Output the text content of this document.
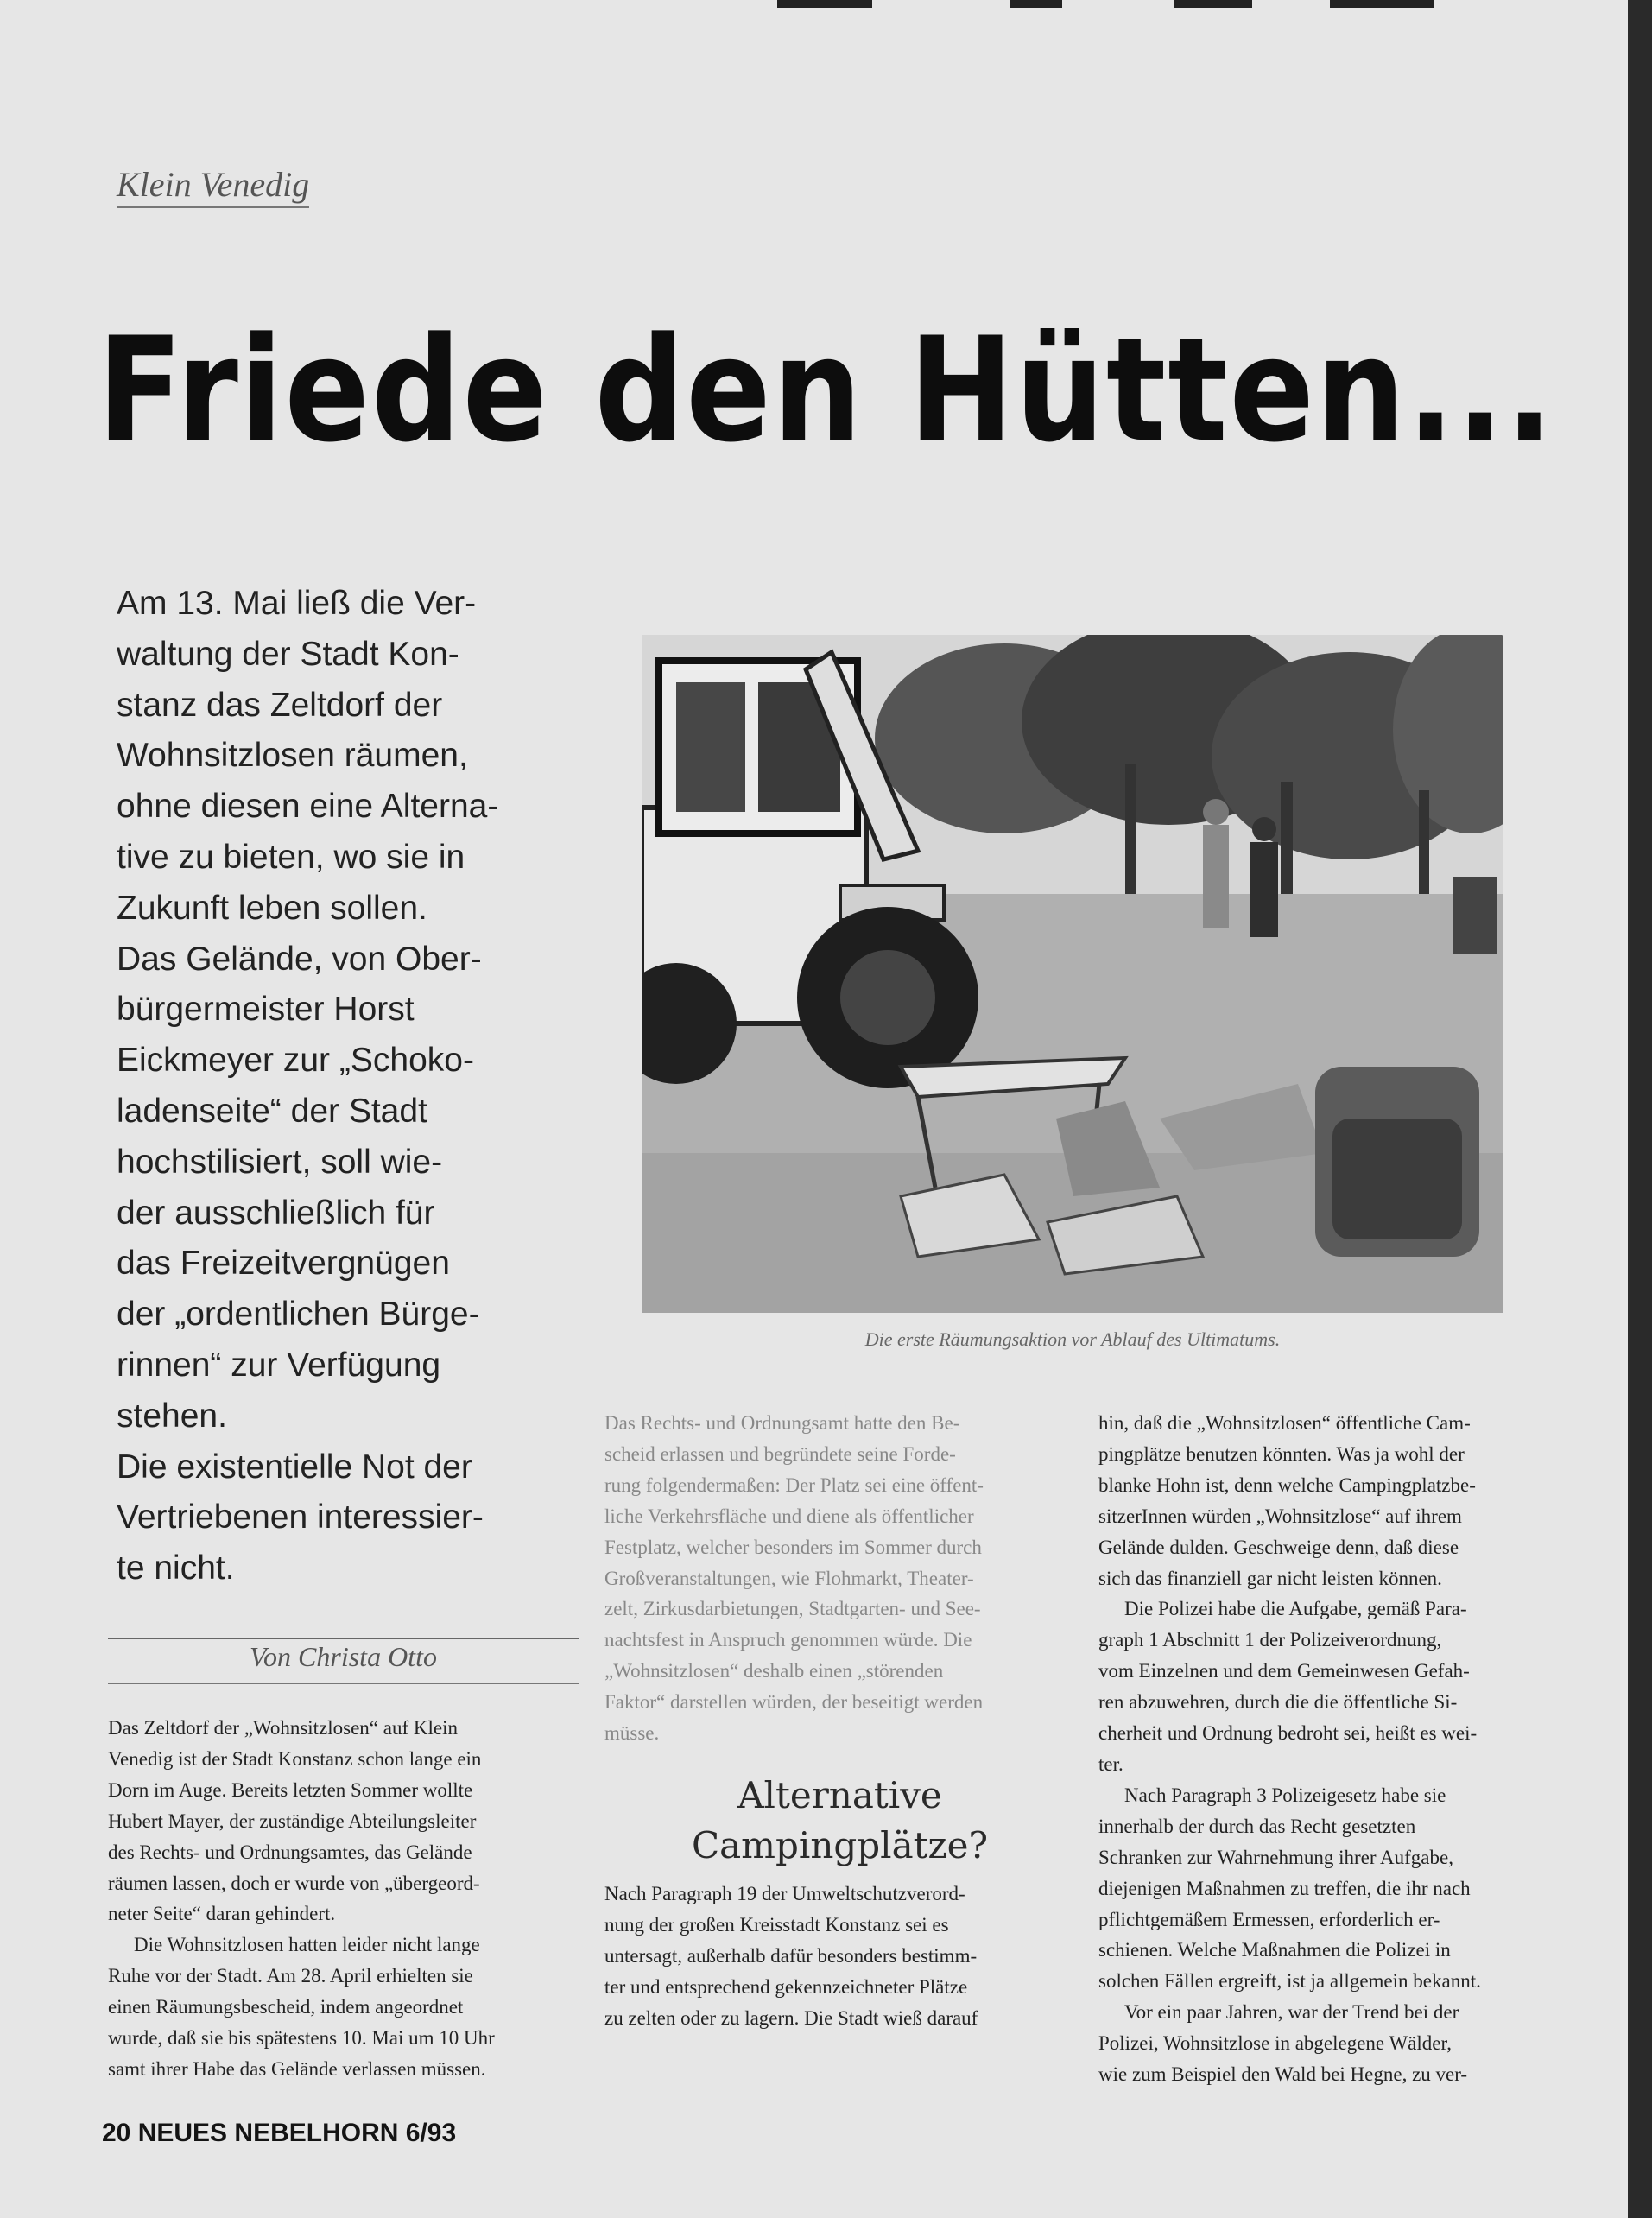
Klein Venedig
Friede den Hütten...

Am 13. Mai ließ die Ver-
waltung der Stadt Kon-
stanz das Zeltdorf der
Wohnsitzlosen räumen,
ohne diesen eine Alterna-
tive zu bieten, wo sie in
Zukunft leben sollen.
Das Gelände, von Ober-
bürgermeister Horst
Eickmeyer zur „Schoko-
ladenseite“ der Stadt
hochstilisiert, soll wie-
der ausschließlich für
das Freizeitvergnügen
der „ordentlichen Bürge-
rinnen“ zur Verfügung
stehen.

Die existentielle Not der
Vertriebenen interessier-
te nicht.

Die erste Räumungsaktion vor Ablauf des Ultimatums.
Von Christa Otto

Das Zeltdorf der „Wohnsitzlosen“ auf Klein
Venedig ist der Stadt Konstanz schon lange ein
Dorn im Auge. Bereits letzten Sommer wollte
Hubert Mayer, der zuständige Abteilungsleiter
des Rechts- und Ordnungsamtes, das Gelände
räumen lassen, doch er wurde von „übergeord-
neter Seite“ daran gehindert.

Die Wohnsitzlosen hatten leider nicht lange
Ruhe vor der Stadt. Am 28. April erhielten sie
einen Räumungsbescheid, indem angeordnet
wurde, daß sie bis spätestens 10. Mai um 10 Uhr
samt ihrer Habe das Gelände verlassen müssen.

Das Rechts- und Ordnungsamt hatte den Be-
scheid erlassen und begründete seine Forde-
rung folgendermaßen: Der Platz sei eine öffent-
liche Verkehrsfläche und diene als öffentlicher
Festplatz, welcher besonders im Sommer durch
Großveranstaltungen, wie Flohmarkt, Theater-
zelt, Zirkusdarbietungen, Stadtgarten- und See-
nachtsfest in Anspruch genommen würde. Die
„Wohnsitzlosen“ deshalb einen „störenden
Faktor“ darstellen würden, der beseitigt werden
müsse.

Alternative

Campingplätze?

Nach Paragraph 19 der Umweltschutzverord-
nung der großen Kreisstadt Konstanz sei es
untersagt, außerhalb dafür besonders bestimm-
ter und entsprechend gekennzeichneter Plätze
zu zelten oder zu lagern. Die Stadt wieß darauf

hin, daß die „Wohnsitzlosen“ öffentliche Cam-
pingplätze benutzen könnten. Was ja wohl der
blanke Hohn ist, denn welche Campingplatzbe-
sitzerInnen würden „Wohnsitzlose“ auf ihrem
Gelände dulden. Geschweige denn, daß diese
sich das finanziell gar nicht leisten können.

Die Polizei habe die Aufgabe, gemäß Para-
graph 1 Abschnitt 1 der Polizeiverordnung,
vom Einzelnen und dem Gemeinwesen Gefah-
ren abzuwehren, durch die die öffentliche Si-
cherheit und Ordnung bedroht sei, heißt es wei-
ter.

Nach Paragraph 3 Polizeigesetz habe sie
innerhalb der durch das Recht gesetzten
Schranken zur Wahrnehmung ihrer Aufgabe,
diejenigen Maßnahmen zu treffen, die ihr nach
pflichtgemäßem Ermessen, erforderlich er-
schienen. Welche Maßnahmen die Polizei in
solchen Fällen ergreift, ist ja allgemein bekannt.

Vor ein paar Jahren, war der Trend bei der
Polizei, Wohnsitzlose in abgelegene Wälder,
wie zum Beispiel den Wald bei Hegne, zu ver-

20 NEUES NEBELHORN 6/93
